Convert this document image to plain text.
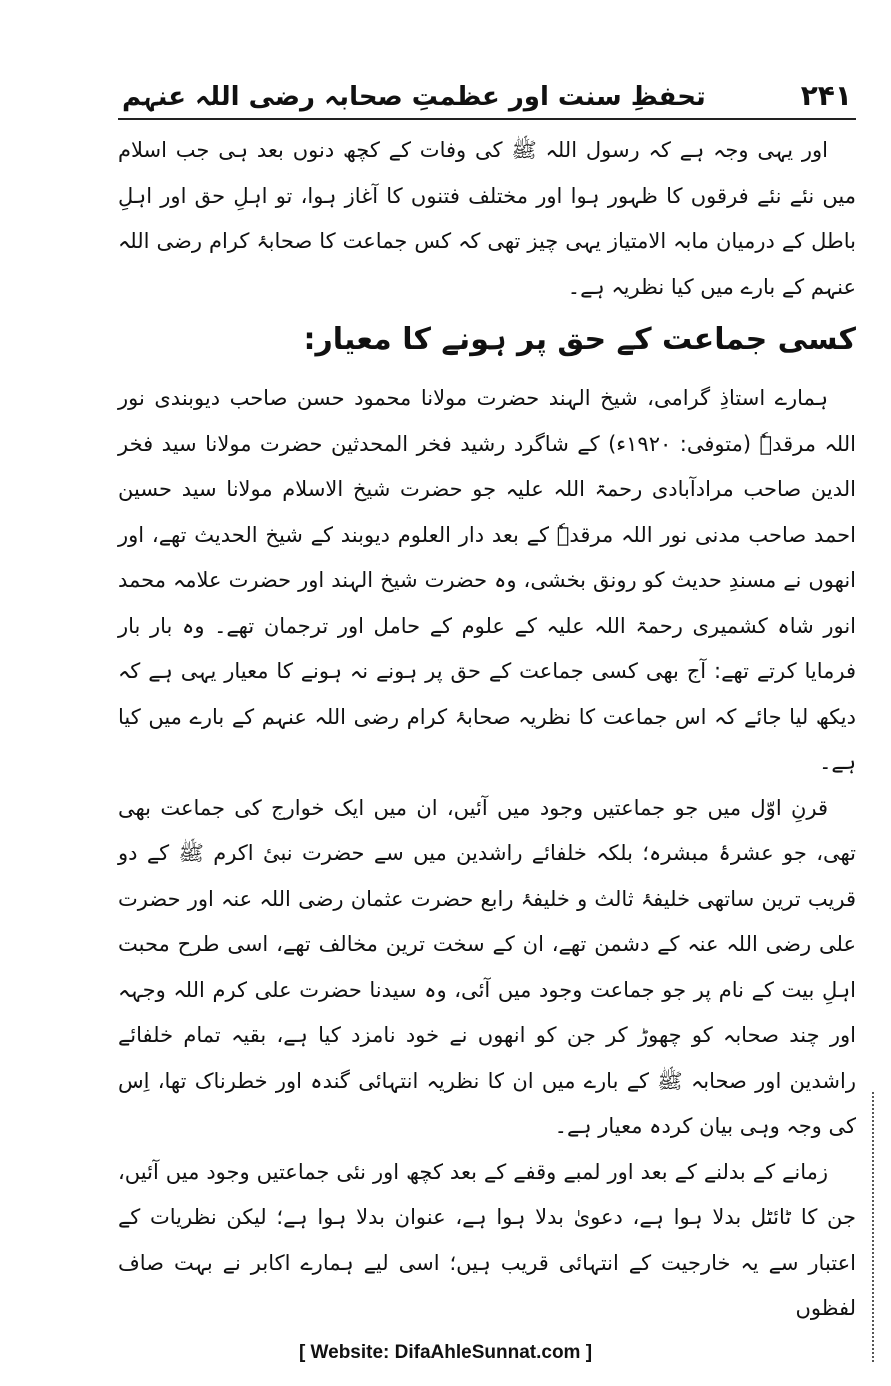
۲۴۱
تحفظِ سنت اور عظمتِ صحابہ رضی اللہ عنہم

اور یہی وجہ ہے کہ رسول اللہ ﷺ کی وفات کے کچھ دنوں بعد ہی جب اسلام میں نئے نئے فرقوں کا ظہور ہوا اور مختلف فتنوں کا آغاز ہوا، تو اہلِ حق اور اہلِ باطل کے درمیان مابہ الامتیاز یہی چیز تھی کہ کس جماعت کا صحابۂ کرام رضی اللہ عنہم کے بارے میں کیا نظریہ ہے۔

کسی جماعت کے حق پر ہونے کا معیار:

ہمارے استاذِ گرامی، شیخ الہند حضرت مولانا محمود حسن صاحب دیوبندی نور اللہ مرقدہٗ (متوفی: ۱۹۲۰ء) کے شاگرد رشید فخر المحدثین حضرت مولانا سید فخر الدین صاحب مرادآبادی رحمۃ اللہ علیہ جو حضرت شیخ الاسلام مولانا سید حسین احمد صاحب مدنی نور اللہ مرقدہٗ کے بعد دار العلوم دیوبند کے شیخ الحدیث تھے، اور انھوں نے مسندِ حدیث کو رونق بخشی، وہ حضرت شیخ الہند اور حضرت علامہ محمد انور شاہ کشمیری رحمۃ اللہ علیہ کے علوم کے حامل اور ترجمان تھے۔ وہ بار بار فرمایا کرتے تھے: آج بھی کسی جماعت کے حق پر ہونے نہ ہونے کا معیار یہی ہے کہ دیکھ لیا جائے کہ اس جماعت کا نظریہ صحابۂ کرام رضی اللہ عنہم کے بارے میں کیا ہے۔

قرنِ اوّل میں جو جماعتیں وجود میں آئیں، ان میں ایک خوارج کی جماعت بھی تھی، جو عشرۂ مبشرہ؛ بلکہ خلفائے راشدین میں سے حضرت نبیٔ اکرم ﷺ کے دو قریب ترین ساتھی خلیفۂ ثالث و خلیفۂ رابع حضرت عثمان رضی اللہ عنہ اور حضرت علی رضی اللہ عنہ کے دشمن تھے، ان کے سخت ترین مخالف تھے، اسی طرح محبت اہلِ بیت کے نام پر جو جماعت وجود میں آئی، وہ سیدنا حضرت علی کرم اللہ وجہہ اور چند صحابہ کو چھوڑ کر جن کو انھوں نے خود نامزد کیا ہے، بقیہ تمام خلفائے راشدین اور صحابہ ﷺ کے بارے میں ان کا نظریہ انتہائی گندہ اور خطرناک تھا، اِس کی وجہ وہی بیان کردہ معیار ہے۔

زمانے کے بدلنے کے بعد اور لمبے وقفے کے بعد کچھ اور نئی جماعتیں وجود میں آئیں، جن کا ٹائٹل بدلا ہوا ہے، دعویٰ بدلا ہوا ہے، عنوان بدلا ہوا ہے؛ لیکن نظریات کے اعتبار سے یہ خارجیت کے انتہائی قریب ہیں؛ اسی لیے ہمارے اکابر نے بہت صاف لفظوں

[ Website: DifaAhleSunnat.com ]
